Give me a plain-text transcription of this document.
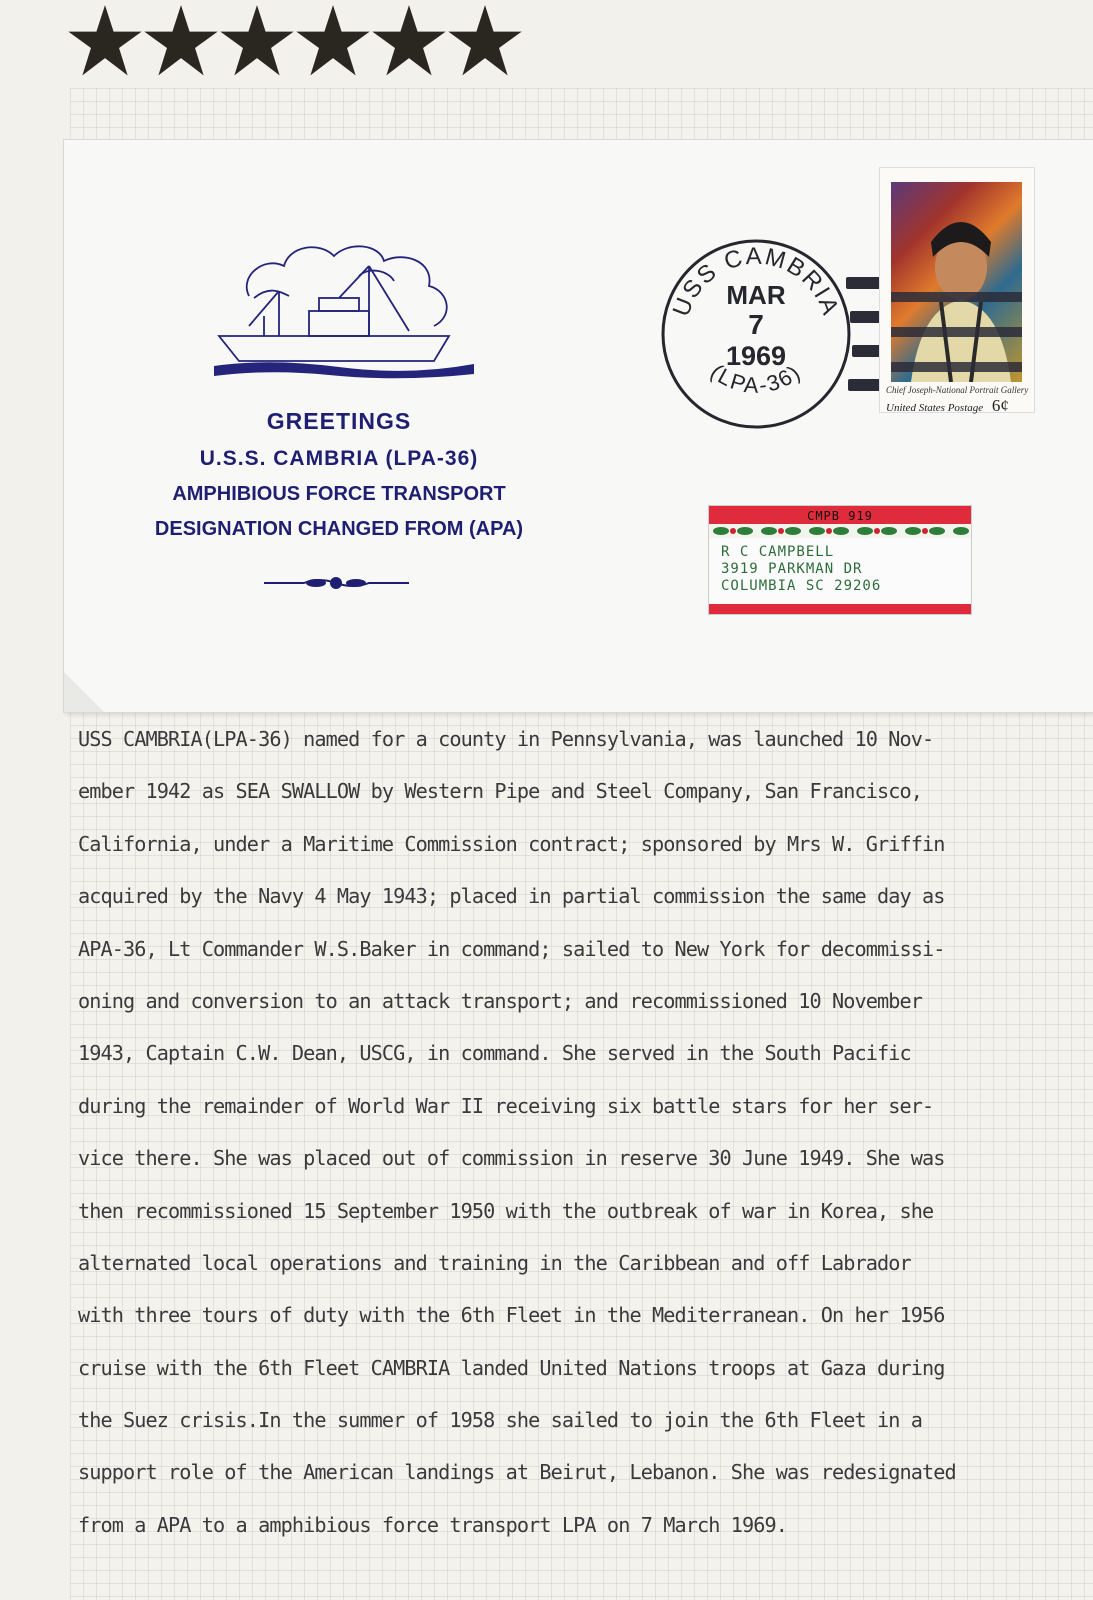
GREETINGS
U.S.S. CAMBRIA (LPA-36)
AMPHIBIOUS FORCE TRANSPORT
DESIGNATION CHANGED FROM (APA)
Chief Joseph-National Portrait Gallery
United States Postage 6¢
USS CAMBRIA
(LPA-36)
MAR
7
1969
CMPB 919
R C CAMPBELL
3919 PARKMAN DR
COLUMBIA SC 29206
USS CAMBRIA(LPA-36) named for a county in Pennsylvania, was launched 10 Nov-
ember 1942 as SEA SWALLOW by Western Pipe and Steel Company, San Francisco,
California, under a Maritime Commission contract; sponsored by Mrs W. Griffin
acquired by the Navy 4 May 1943; placed in partial commission the same day as
APA-36, Lt Commander W.S.Baker in command; sailed to New York for decommissi-
oning and conversion to an attack transport; and recommissioned 10 November
1943, Captain C.W. Dean, USCG, in command. She served in the South Pacific
during the remainder of World War II receiving six battle stars for her ser-
vice there. She was placed out of commission in reserve 30 June 1949. She was
then recommissioned 15 September 1950 with the outbreak of war in Korea, she
alternated local operations and training in the Caribbean and off Labrador
with three tours of duty with the 6th Fleet in the Mediterranean. On her 1956
cruise with the 6th Fleet CAMBRIA landed United Nations troops at Gaza during
the Suez crisis.In the summer of 1958 she sailed to join the 6th Fleet in a
support role of the American landings at Beirut, Lebanon. She was redesignated
from a APA to a amphibious force transport LPA on 7 March 1969.
